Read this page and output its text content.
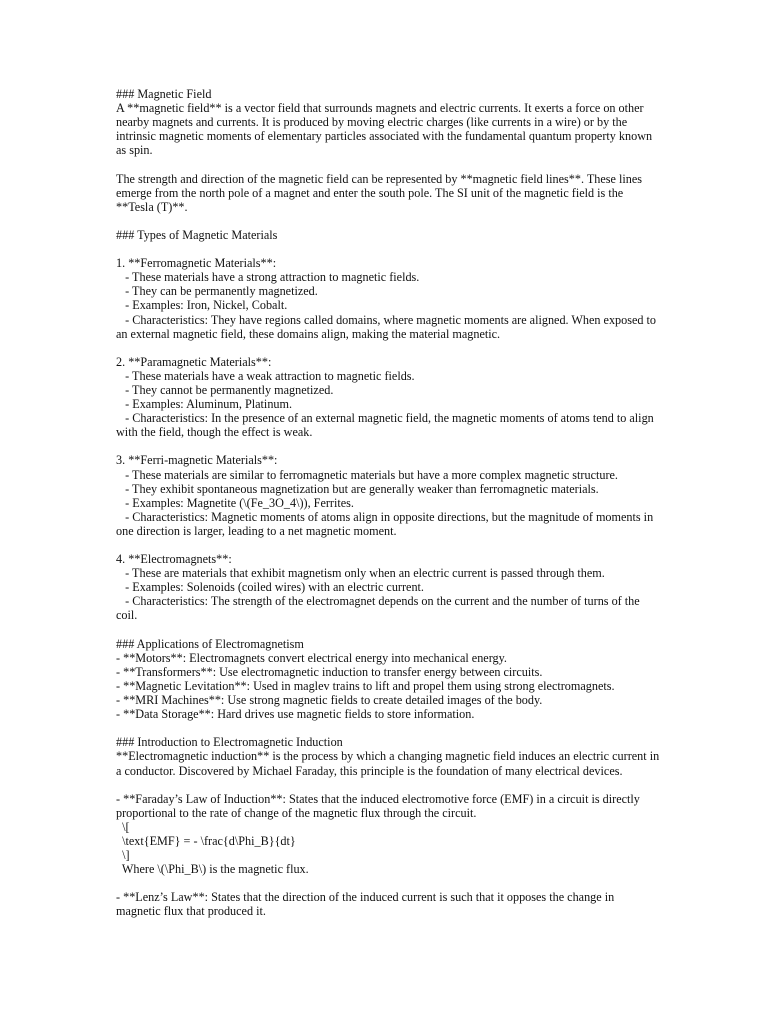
### Magnetic Field

A **magnetic field** is a vector field that surrounds magnets and electric currents. It exerts a force on other nearby magnets and currents. It is produced by moving electric charges (like currents in a wire) or by the intrinsic magnetic moments of elementary particles associated with the fundamental quantum property known as spin.

The strength and direction of the magnetic field can be represented by **magnetic field lines**. These lines emerge from the north pole of a magnet and enter the south pole. The SI unit of the magnetic field is the **Tesla (T)**.

### Types of Magnetic Materials
1. **Ferromagnetic Materials**:
- These materials have a strong attraction to magnetic fields.
- They can be permanently magnetized.
- Examples: Iron, Nickel, Cobalt.

- Characteristics: They have regions called domains, where magnetic moments are aligned. When exposed to an external magnetic field, these domains align, making the material magnetic.

2. **Paramagnetic Materials**:
- These materials have a weak attraction to magnetic fields.
- They cannot be permanently magnetized.
- Examples: Aluminum, Platinum.

- Characteristics: In the presence of an external magnetic field, the magnetic moments of atoms tend to align with the field, though the effect is weak.

3. **Ferri-magnetic Materials**:
- These materials are similar to ferromagnetic materials but have a more complex magnetic structure.
- They exhibit spontaneous magnetization but are generally weaker than ferromagnetic materials.
- Examples: Magnetite (\(Fe_3O_4\)), Ferrites.

- Characteristics: Magnetic moments of atoms align in opposite directions, but the magnitude of moments in one direction is larger, leading to a net magnetic moment.

4. **Electromagnets**:
- These are materials that exhibit magnetism only when an electric current is passed through them.
- Examples: Solenoids (coiled wires) with an electric current.

- Characteristics: The strength of the electromagnet depends on the current and the number of turns of the coil.

### Applications of Electromagnetism
- **Motors**: Electromagnets convert electrical energy into mechanical energy.
- **Transformers**: Use electromagnetic induction to transfer energy between circuits.
- **Magnetic Levitation**: Used in maglev trains to lift and propel them using strong electromagnets.
- **MRI Machines**: Use strong magnetic fields to create detailed images of the body.
- **Data Storage**: Hard drives use magnetic fields to store information.
### Introduction to Electromagnetic Induction

**Electromagnetic induction** is the process by which a changing magnetic field induces an electric current in a conductor. Discovered by Michael Faraday, this principle is the foundation of many electrical devices.

- **Faraday’s Law of Induction**: States that the induced electromotive force (EMF) in a circuit is directly proportional to the rate of change of the magnetic flux through the circuit.

\[
\text{EMF} = - \frac{d\Phi_B}{dt}
\]
Where \(\Phi_B\) is the magnetic flux.

- **Lenz’s Law**: States that the direction of the induced current is such that it opposes the change in magnetic flux that produced it.
